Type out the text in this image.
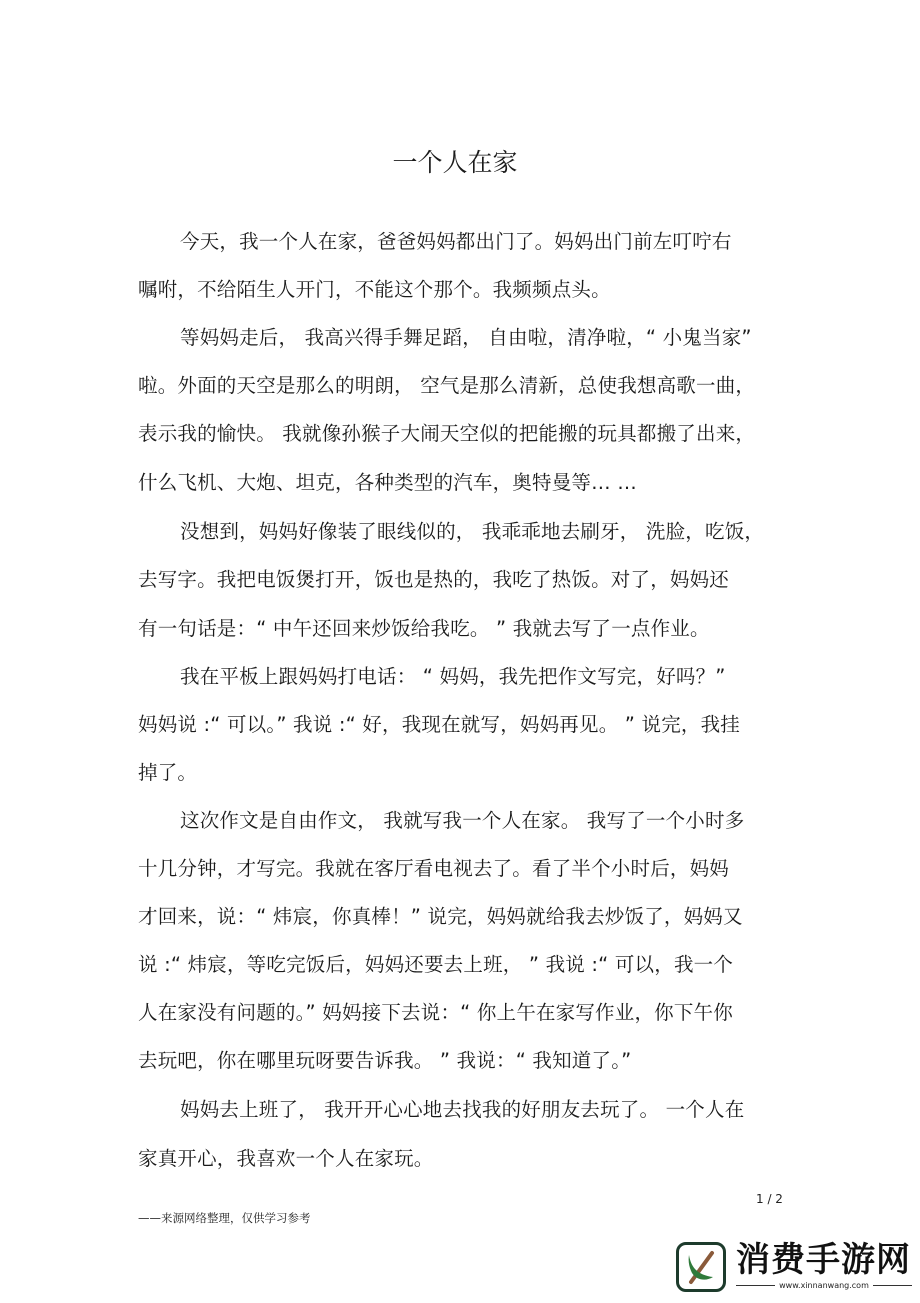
一个人在家
今天，我一个人在家，爸爸妈妈都出门了。妈妈出门前左叮咛右
嘱咐，不给陌生人开门，不能这个那个。我频频点头。
等妈妈走后， 我高兴得手舞足蹈， 自由啦，清净啦，“ 小鬼当家”
啦。外面的天空是那么的明朗， 空气是那么清新，总使我想高歌一曲，
表示我的愉快。 我就像孙猴子大闹天空似的把能搬的玩具都搬了出来，
什么飞机、大炮、坦克，各种类型的汽车，奥特曼等… …
没想到，妈妈好像装了眼线似的， 我乖乖地去刷牙， 洗脸，吃饭，
去写字。我把电饭煲打开，饭也是热的，我吃了热饭。对了，妈妈还
有一句话是：“ 中午还回来炒饭给我吃。 ” 我就去写了一点作业。
我在平板上跟妈妈打电话： “ 妈妈，我先把作文写完，好吗？”
妈妈说 :“ 可以。” 我说 :“ 好，我现在就写，妈妈再见。 ” 说完，我挂
掉了。
这次作文是自由作文， 我就写我一个人在家。 我写了一个小时多
十几分钟，才写完。我就在客厅看电视去了。看了半个小时后，妈妈
才回来，说：“ 炜宸，你真棒！” 说完，妈妈就给我去炒饭了，妈妈又
说 :“ 炜宸，等吃完饭后，妈妈还要去上班， ” 我说 :“ 可以，我一个
人在家没有问题的。” 妈妈接下去说：“ 你上午在家写作业，你下午你
去玩吧，你在哪里玩呀要告诉我。 ” 我说：“ 我知道了。”
妈妈去上班了， 我开开心心地去找我的好朋友去玩了。 一个人在
家真开心，我喜欢一个人在家玩。
1 / 2
——来源网络整理，仅供学习参考
消费手游网
www.xinnanwang.com
